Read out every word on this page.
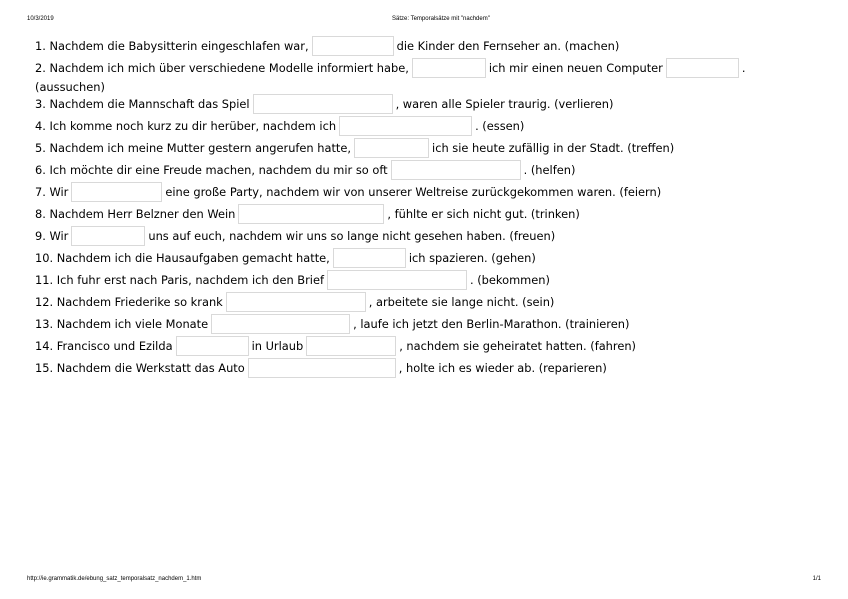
10/3/2019	Sätze: Temporalsätze mit "nachdem"
1. Nachdem die Babysitterin eingeschlafen war,	die Kinder den Fernseher an. (machen)
2. Nachdem ich mich über verschiedene Modelle informiert habe,	ich mir einen neuen Computer	.
(aussuchen)
3. Nachdem die Mannschaft das Spiel	, waren alle Spieler traurig. (verlieren)
4. Ich komme noch kurz zu dir herüber, nachdem ich	. (essen)
5. Nachdem ich meine Mutter gestern angerufen hatte,	ich sie heute zufällig in der Stadt. (treffen)
6. Ich möchte dir eine Freude machen, nachdem du mir so oft	. (helfen)
7. Wir	eine große Party, nachdem wir von unserer Weltreise zurückgekommen waren. (feiern)
8. Nachdem Herr Belzner den Wein	, fühlte er sich nicht gut. (trinken)
9. Wir	uns auf euch, nachdem wir uns so lange nicht gesehen haben. (freuen)
10. Nachdem ich die Hausaufgaben gemacht hatte,	ich spazieren. (gehen)
11. Ich fuhr erst nach Paris, nachdem ich den Brief	. (bekommen)
12. Nachdem Friederike so krank	, arbeitete sie lange nicht. (sein)
13. Nachdem ich viele Monate	, laufe ich jetzt den Berlin-Marathon. (trainieren)
14. Francisco und Ezilda	in Urlaub	, nachdem sie geheiratet hatten. (fahren)
15. Nachdem die Werkstatt das Auto	, holte ich es wieder ab. (reparieren)
http://ie.grammatik.de/ebung_satz_temporalsatz_nachdem_1.htm	1/1
